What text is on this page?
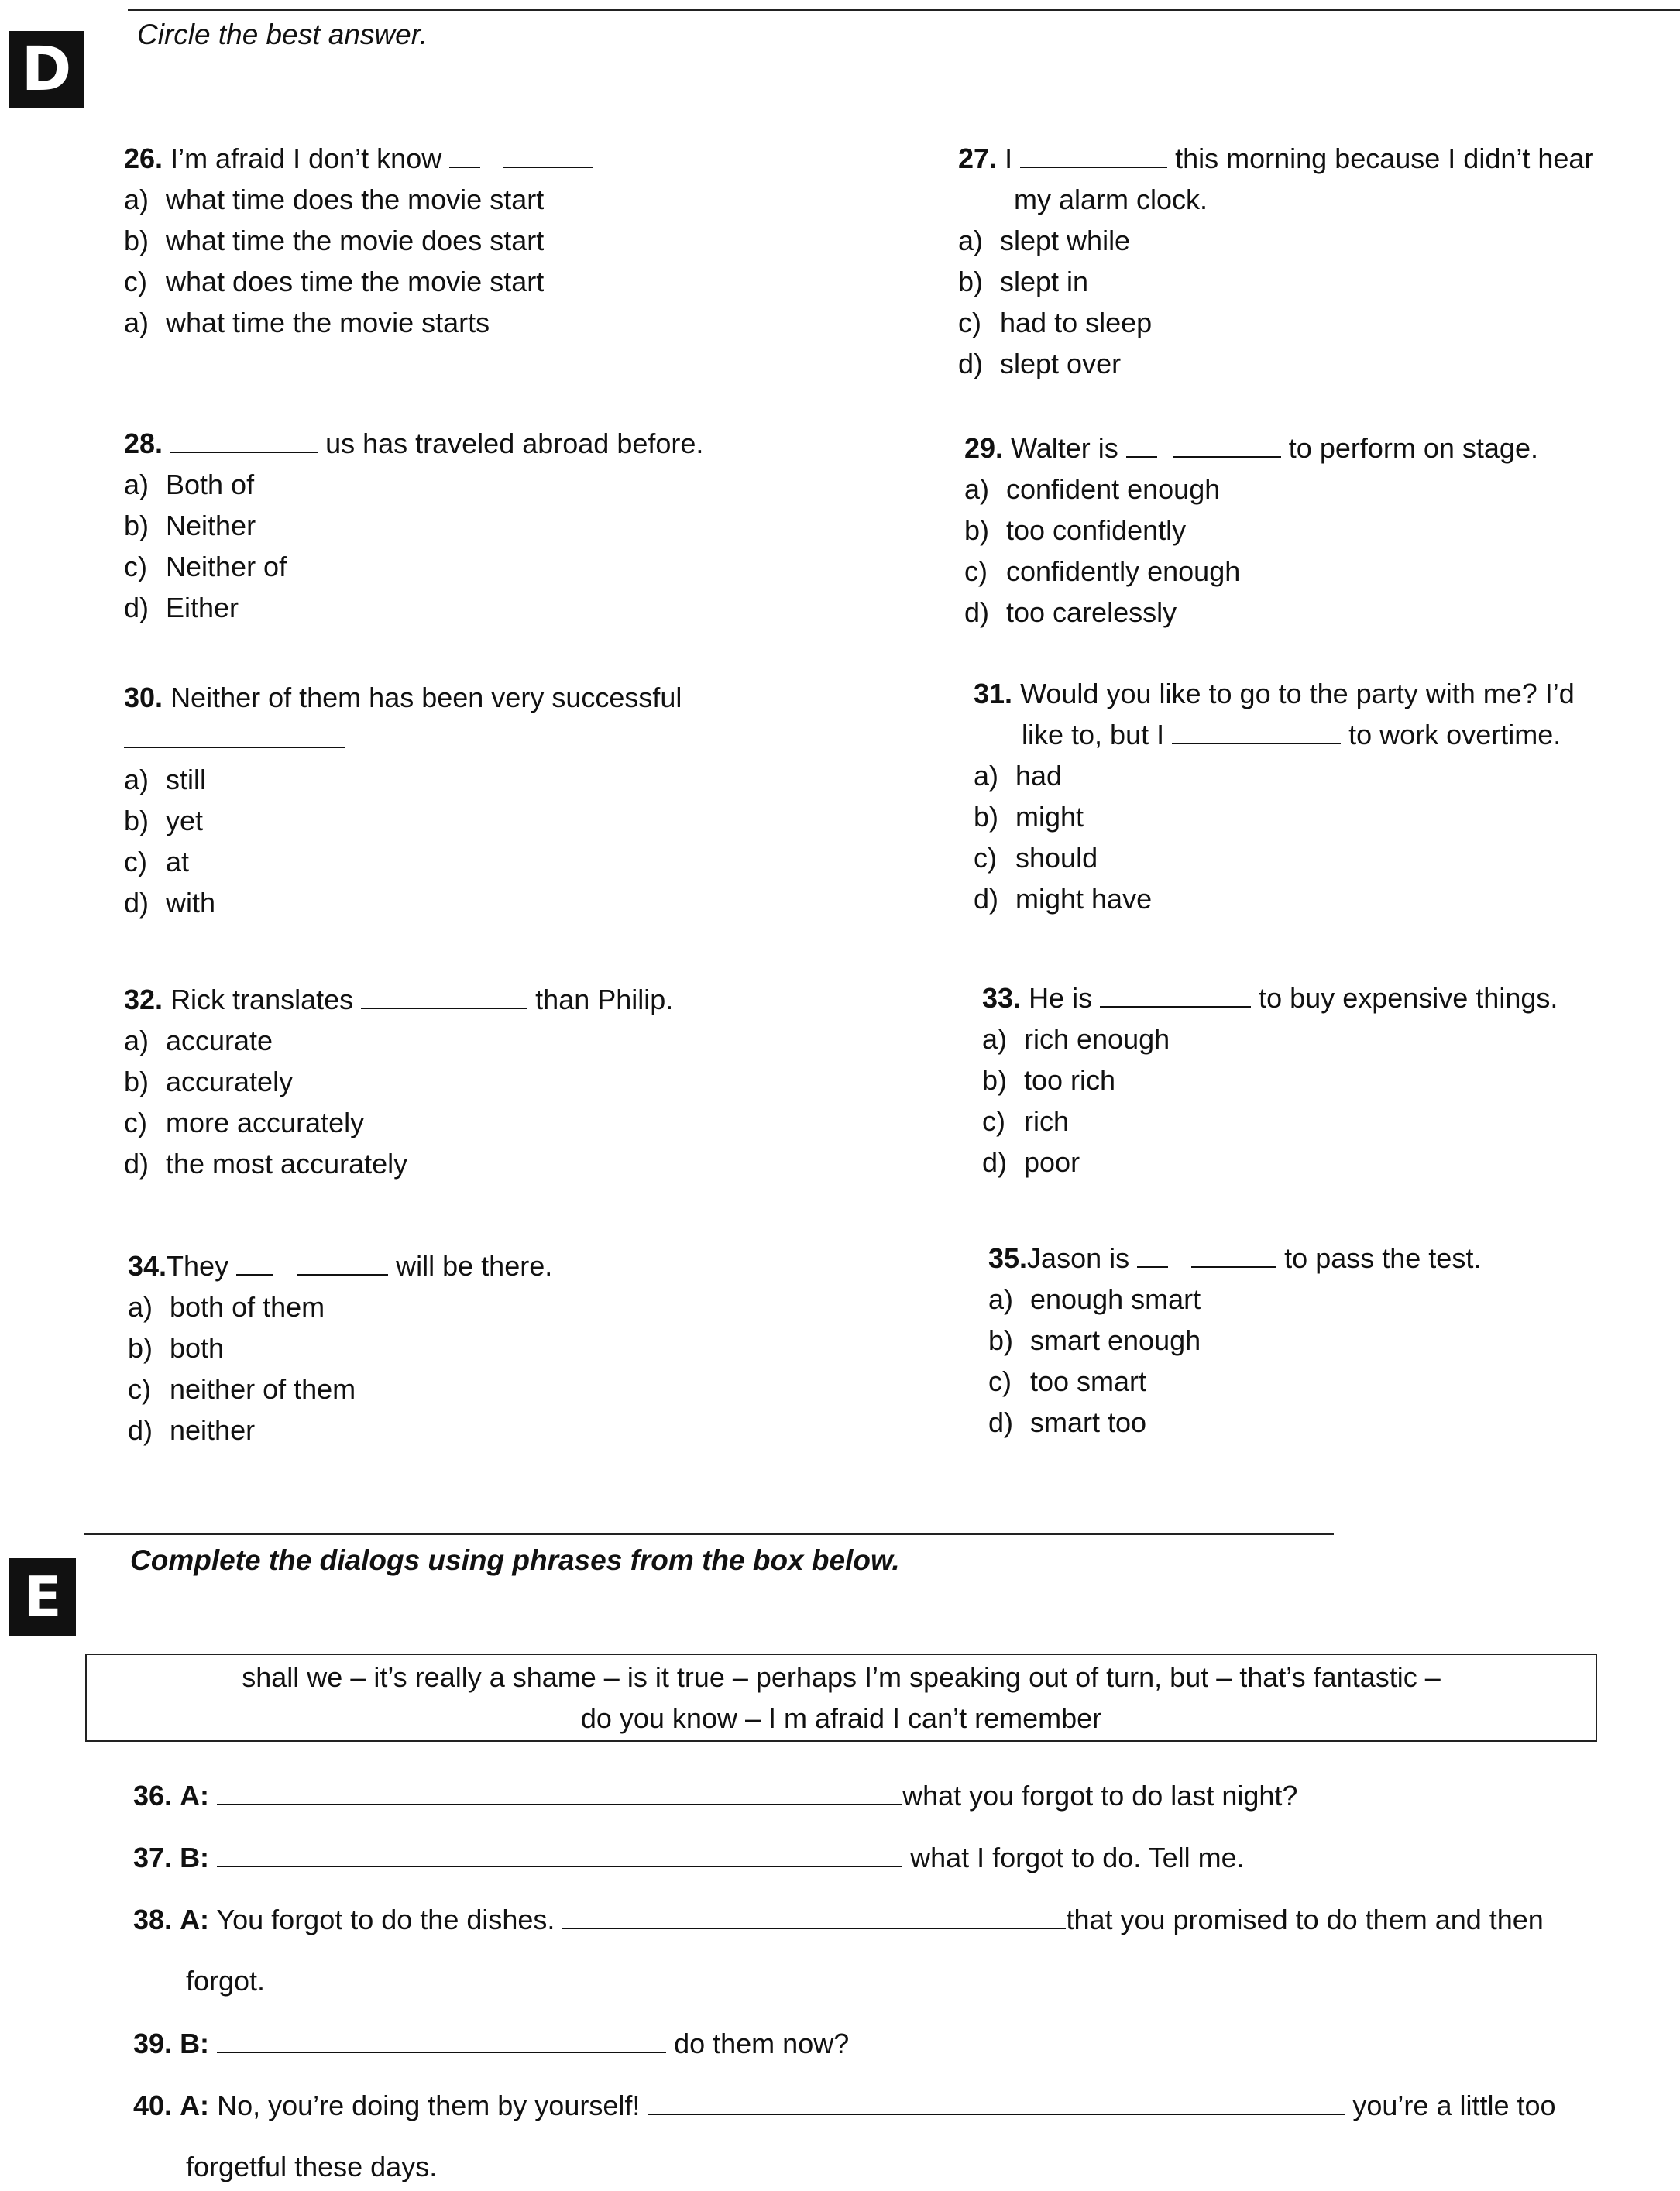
D
Circle the best answer.
26. I’m afraid I don’t know
a) what time does the movie start
b) what time the movie does start
c) what does time the movie start
a) what time the movie starts
27. I	this morning because I didn’t hear
my alarm clock.
a) slept while
b) slept in
c) had to sleep
d) slept over
28.	us has traveled abroad before.
a) Both of
b) Neither
c) Neither of
d) Either
29. Walter is	to perform on stage.
a) confident enough
b) too confidently
c) confidently enough
d) too carelessly
30. Neither of them has been very successful
a) still
b) yet
c) at
d) with
31. Would you like to go to the party with me? I’d
like to, but I	to work overtime.
a) had
b) might
c) should
d) might have
32. Rick translates	than Philip.
a) accurate
b) accurately
c) more accurately
d) the most accurately
33. He is	to buy expensive things.
a) rich enough
b) too rich
c) rich
d) poor
34.They	will be there.
a) both of them
b) both
c) neither of them
d) neither
35.Jason is	to pass the test.
a) enough smart
b) smart enough
c) too smart
d) smart too
E
Complete the dialogs using phrases from the box below.
shall we – it’s really a shame – is it true – perhaps I’m speaking out of turn, but – that’s fantastic –
do you know – I m afraid I can’t remember
36. A:	what you forgot to do last night?
37. B:	what I forgot to do. Tell me.
38. A: You forgot to do the dishes.	that you promised to do them and then
forgot.
39. B:	do them now?
40. A: No, you’re doing them by yourself!	you’re a little too
forgetful these days.
